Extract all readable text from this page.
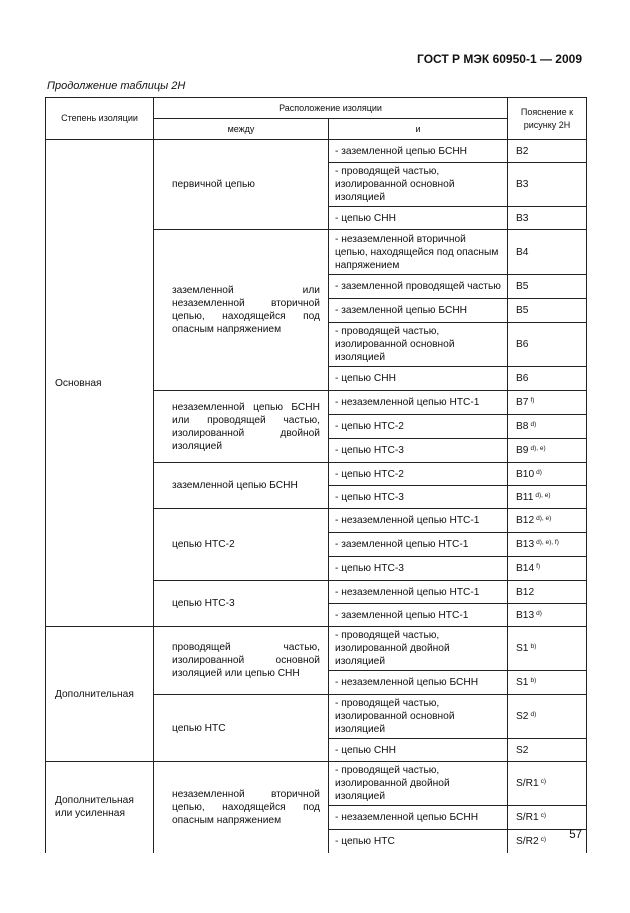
ГОСТ Р МЭК 60950-1 — 2009
Продолжение таблицы 2Н
Степень изоляции	Расположение изоляции		Пояснение к рисунку 2Н
	между	и	
Основная	первичной цепью	- заземленной цепью БСНН	В2
		- проводящей частью, изолированной основной изоляцией	В3
		- цепью СНН	В3
	заземленной или незаземленной вторичной цепью, находящейся под опасным напряжением	- незаземленной вторичной цепью, находящейся под опасным напряжением	В4
		- заземленной проводящей частью	В5
		- заземленной цепью БСНН	В5
		- проводящей частью, изолированной основной изоляцией	В6
		- цепью СНН	В6
	незаземленной цепью БСНН или проводящей частью, изолированной двойной изоляцией	- незаземленной цепью НТС-1	В7 $^{f)}$
		- цепью НТС-2	В8 $^{d)}$
		- цепью НТС-3	В9 $^{d), e)}$
	заземленной цепью БСНН	- цепью НТС-2	В10 $^{d)}$
		- цепью НТС-3	В11 $^{d), e)}$
	цепью НТС-2	- незаземленной цепью НТС-1	В12 $^{d), e)}$
		- заземленной цепью НТС-1	В13 $^{d), e), f)}$
		- цепью НТС-3	В14 $^{f)}$
	цепью НТС-3	- незаземленной цепью НТС-1	В12
		- заземленной цепью НТС-1	В13 $^{d)}$
Дополнительная	проводящей частью, изолированной основной изоляцией или цепью СНН	- проводящей частью, изолированной двойной изоляцией	S1 $^{b)}$
		- незаземленной цепью БСНН	S1 $^{b)}$
	цепью НТС	- проводящей частью, изолированной основной изоляцией	S2 $^{d)}$
		- цепью СНН	S2
Дополнительная или усиленная	незаземленной вторичной цепью, находящейся под опасным напряжением	- проводящей частью, изолированной двойной изоляцией	S/R1 $^{c)}$
		- незаземленной цепью БСНН	S/R1 $^{c)}$
		- цепью НТС	S/R2 $^{c)}$ 57
